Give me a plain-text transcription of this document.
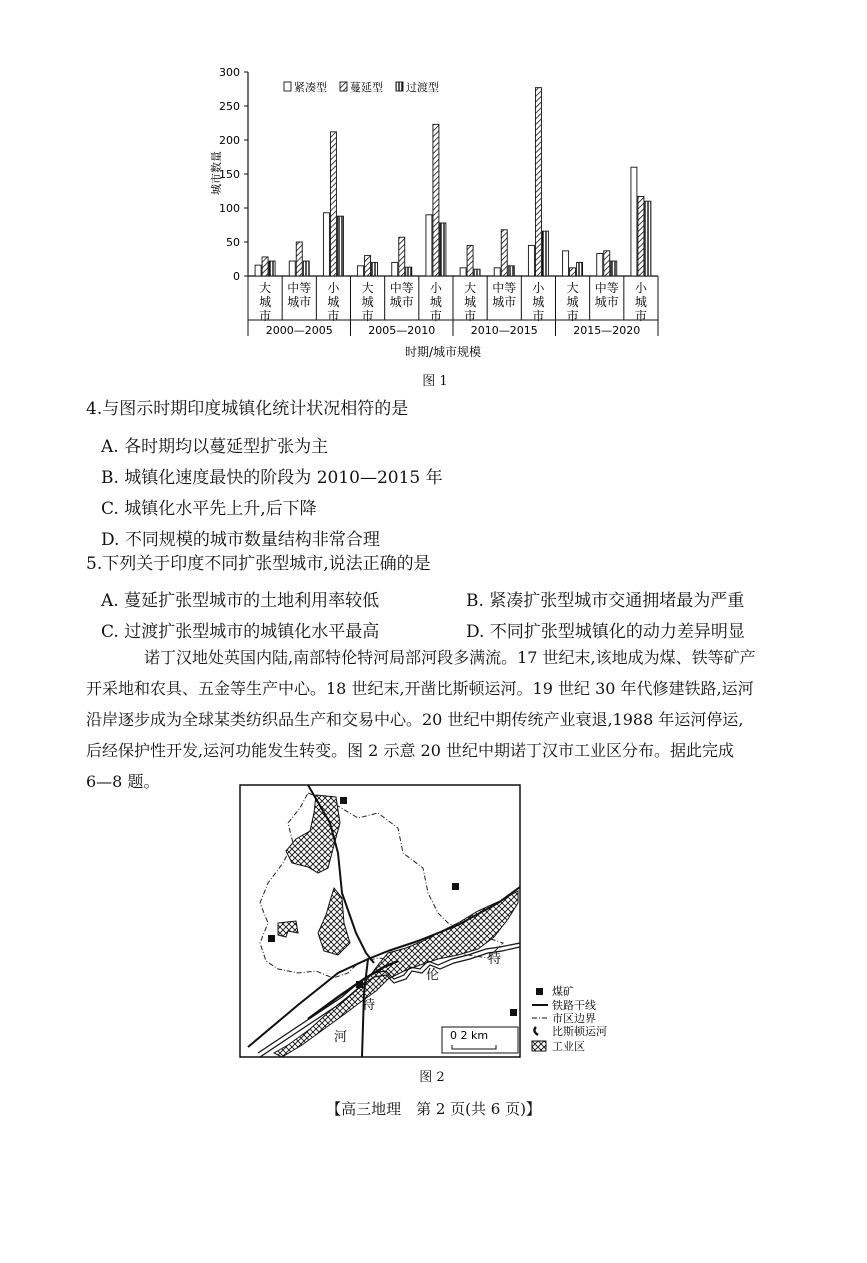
0
50
100
150
200
250
300
城市数量
大
城
市
中等
城市
小
城
市
2000—2005
大
城
市
中等
城市
小
城
市
2005—2010
大
城
市
中等
城市
小
城
市
2010—2015
大
城
市
中等
城市
小
城
市
2015—2020
时期/城市规模
紧凑型 蔓延型 过渡型
图 1
4.与图示时期印度城镇化统计状况相符的是
A. 各时期均以蔓延型扩张为主
B. 城镇化速度最快的阶段为 2010—2015 年
C. 城镇化水平先上升,后下降
D. 不同规模的城市数量结构非常合理
5.下列关于印度不同扩张型城市,说法正确的是
A. 蔓延扩张型城市的土地利用率较低	B. 紧凑扩张型城市交通拥堵最为严重
C. 过渡扩张型城市的城镇化水平最高	D. 不同扩张型城镇化的动力差异明显
诺丁汉地处英国内陆,南部特伦特河局部河段多满流。17 世纪末,该地成为煤、铁等矿产
开采地和农具、五金等生产中心。18 世纪末,开凿比斯顿运河。19 世纪 30 年代修建铁路,运河
沿岸逐步成为全球某类纺织品生产和交易中心。20 世纪中期传统产业衰退,1988 年运河停运,
后经保护性开发,运河功能发生转变。图 2 示意 20 世纪中期诺丁汉市工业区分布。据此完成
6—8 题。
特
伦
特
河	0 2 km
煤矿
铁路干线
市区边界
比斯顿运河
工业区
图 2
【高三地理　第 2 页(共 6 页)】
